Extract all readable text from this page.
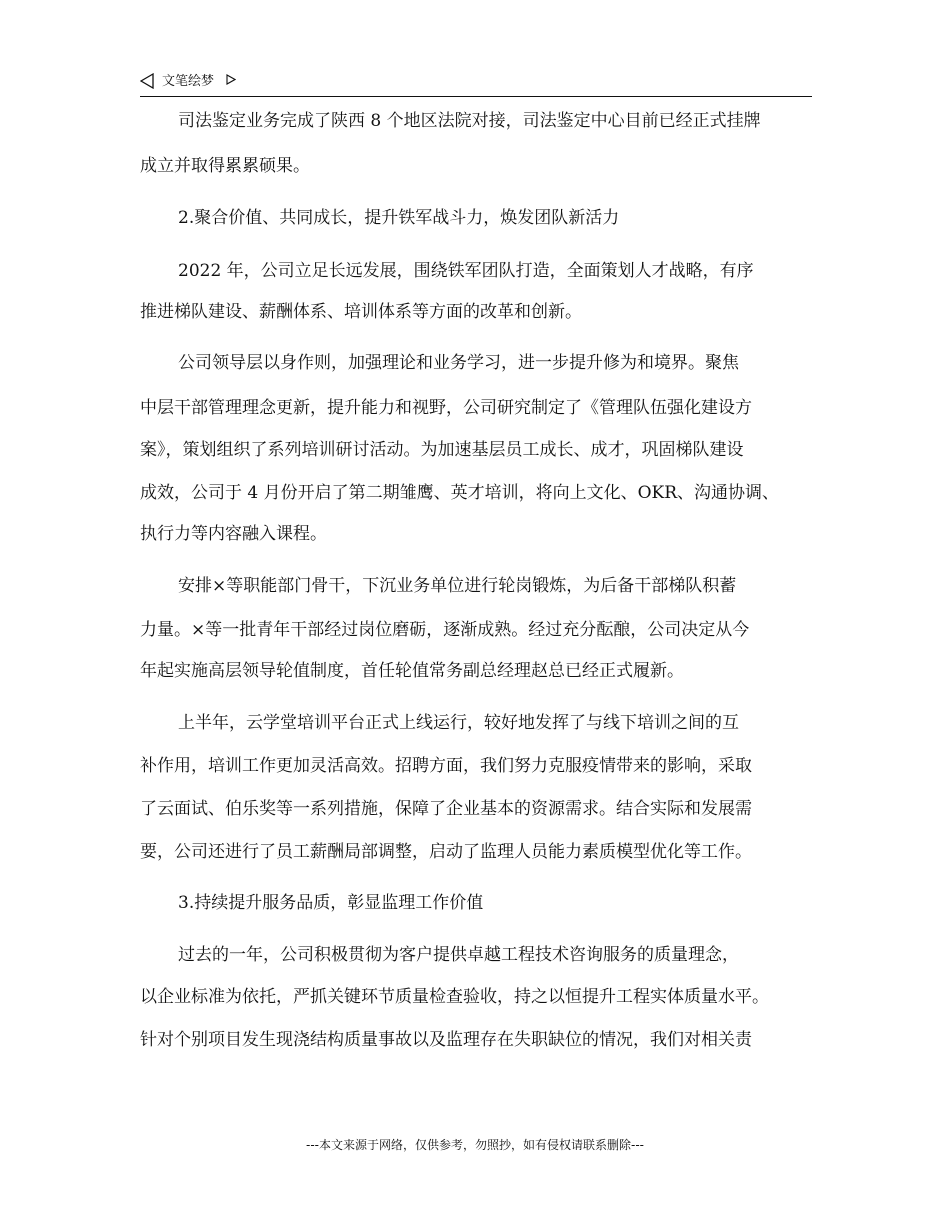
文笔绘梦
司法鉴定业务完成了陕西 8 个地区法院对接，司法鉴定中心目前已经正式挂牌
成立并取得累累硕果。
2.聚合价值、共同成长，提升铁军战斗力，焕发团队新活力
2022 年，公司立足长远发展，围绕铁军团队打造，全面策划人才战略，有序
推进梯队建设、薪酬体系、培训体系等方面的改革和创新。
公司领导层以身作则，加强理论和业务学习，进一步提升修为和境界。聚焦
中层干部管理理念更新，提升能力和视野，公司研究制定了《管理队伍强化建设方
案》，策划组织了系列培训研讨活动。为加速基层员工成长、成才，巩固梯队建设
成效，公司于 4 月份开启了第二期雏鹰、英才培训，将向上文化、OKR、沟通协调、
执行力等内容融入课程。
安排×等职能部门骨干，下沉业务单位进行轮岗锻炼，为后备干部梯队积蓄
力量。×等一批青年干部经过岗位磨砺，逐渐成熟。经过充分酝酿，公司决定从今
年起实施高层领导轮值制度，首任轮值常务副总经理赵总已经正式履新。
上半年，云学堂培训平台正式上线运行，较好地发挥了与线下培训之间的互
补作用，培训工作更加灵活高效。招聘方面，我们努力克服疫情带来的影响，采取
了云面试、伯乐奖等一系列措施，保障了企业基本的资源需求。结合实际和发展需
要，公司还进行了员工薪酬局部调整，启动了监理人员能力素质模型优化等工作。
3.持续提升服务品质，彰显监理工作价值
过去的一年，公司积极贯彻为客户提供卓越工程技术咨询服务的质量理念，
以企业标准为依托，严抓关键环节质量检查验收，持之以恒提升工程实体质量水平。
针对个别项目发生现浇结构质量事故以及监理存在失职缺位的情况，我们对相关责
---本文来源于网络，仅供参考，勿照抄，如有侵权请联系删除---
